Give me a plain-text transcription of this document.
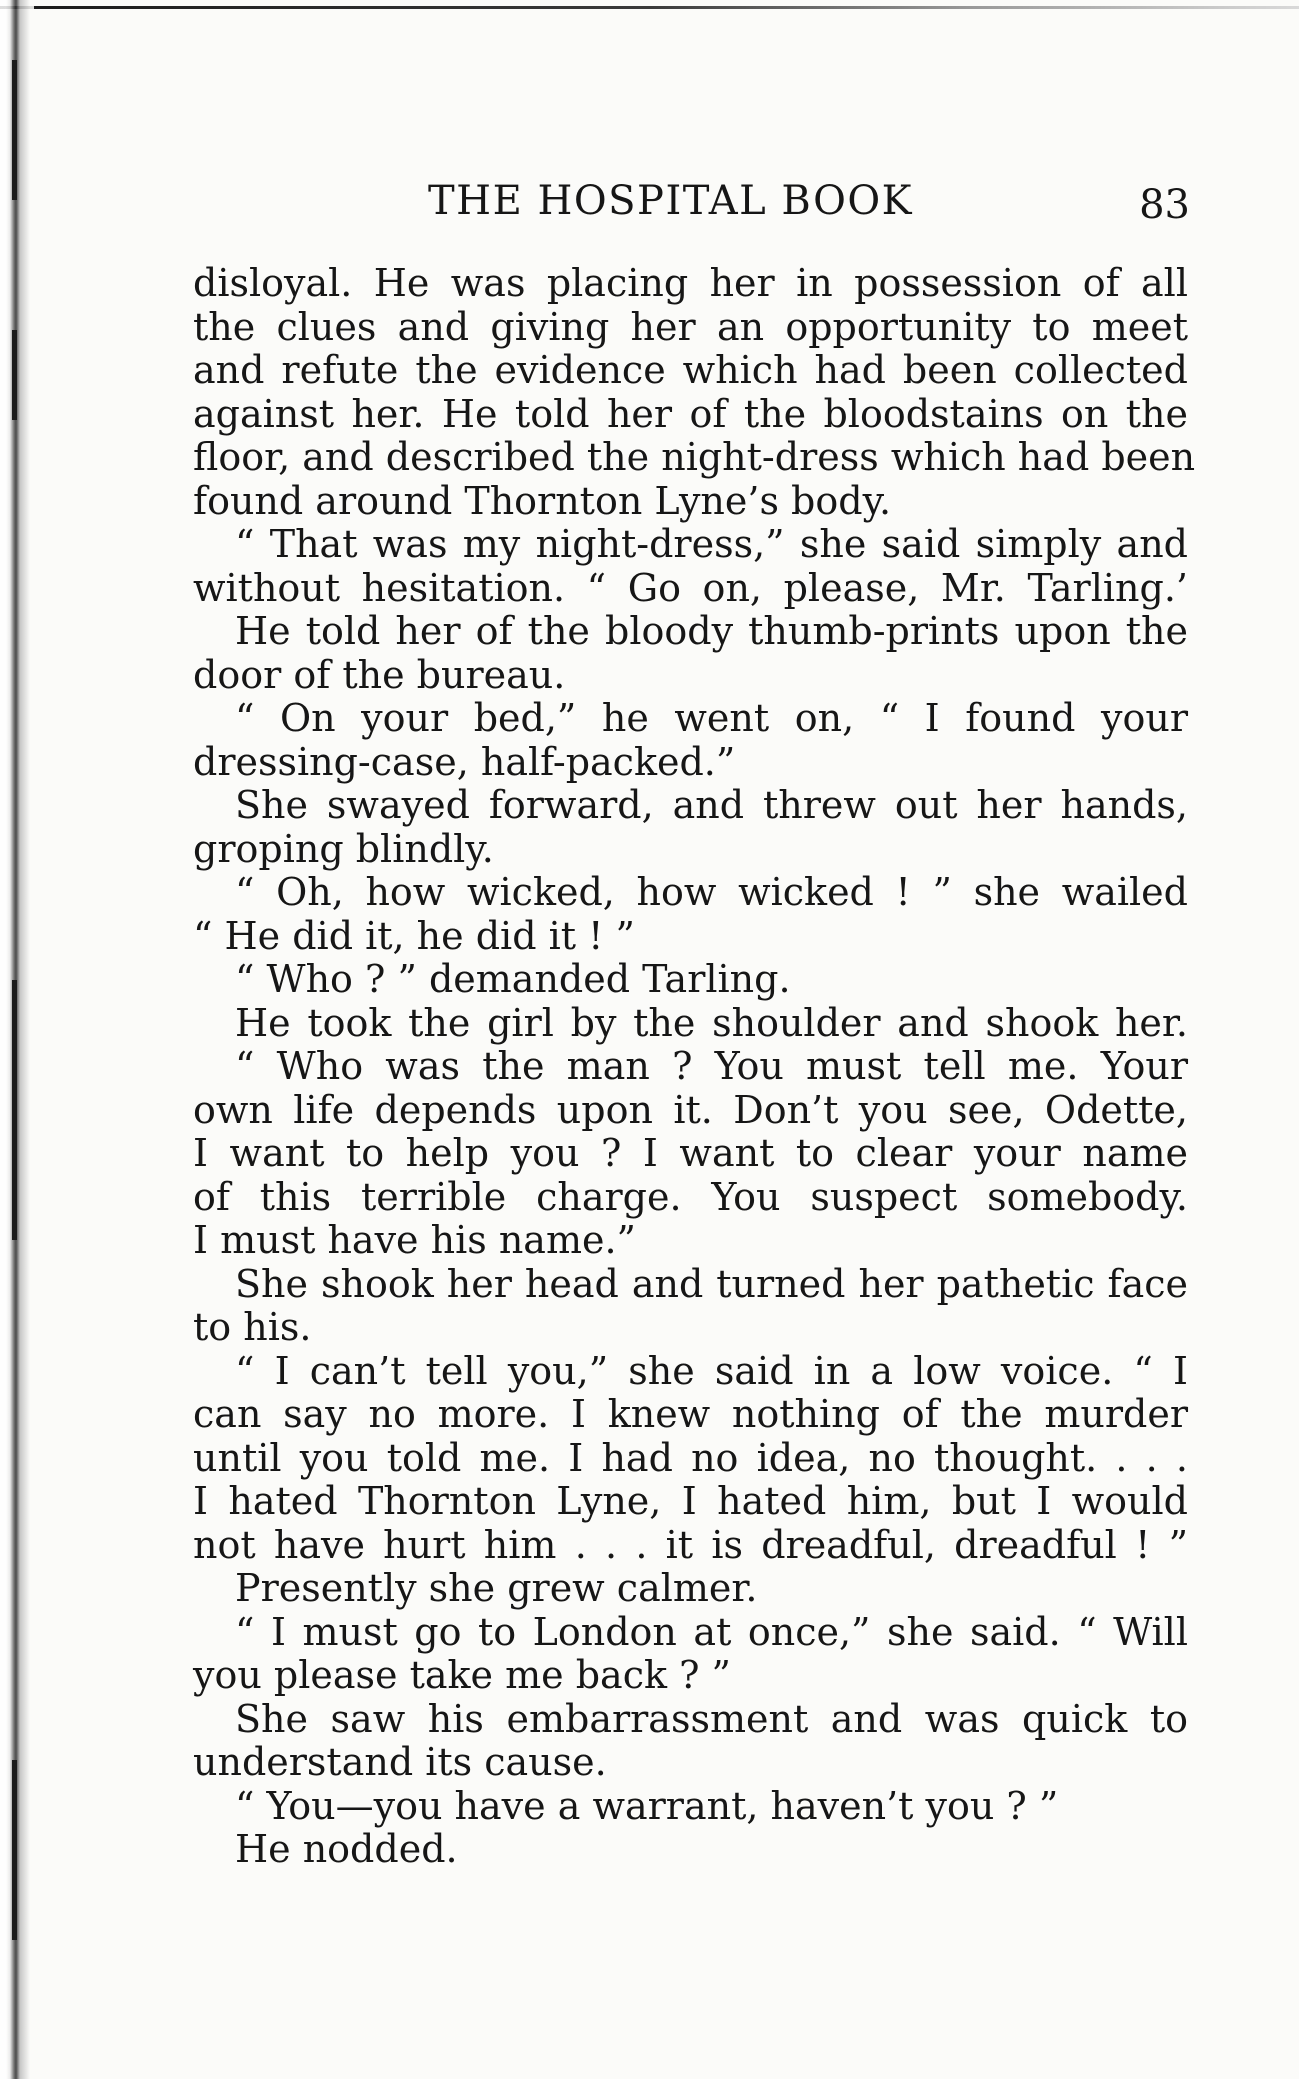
THE HOSPITAL BOOK	83
disloyal. He was placing her in possession of all
the clues and giving her an opportunity to meet
and refute the evidence which had been collected
against her. He told her of the bloodstains on the
floor, and described the night-dress which had been
found around Thornton Lyne’s body.
“ That was my night-dress,” she said simply and
without hesitation. “ Go on, please, Mr. Tarling.’
He told her of the bloody thumb-prints upon the
door of the bureau.
“ On your bed,” he went on, “ I found your
dressing-case, half-packed.”
She swayed forward, and threw out her hands,
groping blindly.
“ Oh, how wicked, how wicked ! ” she wailed
“ He did it, he did it ! ”
“ Who ? ” demanded Tarling.
He took the girl by the shoulder and shook her.
“ Who was the man ? You must tell me. Your
own life depends upon it. Don’t you see, Odette,
I want to help you ? I want to clear your name
of this terrible charge. You suspect somebody.
I must have his name.”
She shook her head and turned her pathetic face
to his.
“ I can’t tell you,” she said in a low voice. “ I
can say no more. I knew nothing of the murder
until you told me. I had no idea, no thought. . . .
I hated Thornton Lyne, I hated him, but I would
not have hurt him . . . it is dreadful, dreadful ! ”
Presently she grew calmer.
“ I must go to London at once,” she said. “ Will
you please take me back ? ”
She saw his embarrassment and was quick to
understand its cause.
“ You—you have a warrant, haven’t you ? ”
He nodded.
